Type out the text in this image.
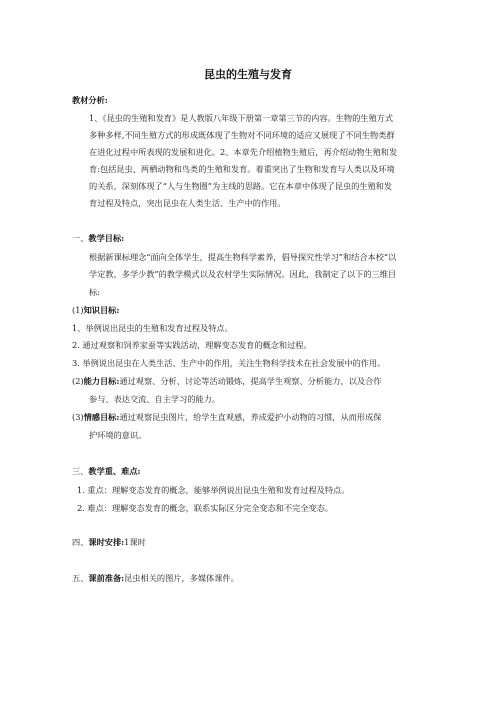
昆虫的生殖与发育
教材分析:
1、《昆虫的生殖和发育》是人教版八年级下册第一章第三节的内容。生物的生殖方式
多种多样,不同生殖方式的形成既体现了生物对不同环境的适应又展现了不同生物类群
在进化过程中所表现的发展和进化。2、本章先介绍植物生殖后，再介绍动物生殖和发
育:包括昆虫、两栖动物和鸟类的生殖和发育。着重突出了生物和发育与人类以及环境
的关系，深刻体现了“人与生物圈”为主线的思路。它在本章中体现了昆虫的生殖和发
育过程及特点，突出昆虫在人类生活、生产中的作用。
一、教学目标:
根据新课标理念“面向全体学生，提高生物科学素养，倡导探究性学习”和结合本校“以
学定教，多学少教”的教学模式以及农村学生实际情况。因此，我制定了以下的三维目
标:
(1)知识目标:
1、举例说出昆虫的生殖和发育过程及特点。
2. 通过观察和饲养家蚕等实践活动，理解变态发育的概念和过程。
3. 举例说出昆虫在人类生活、生产中的作用，关注生物科学技术在社会发展中的作用。
(2)能力目标:通过观察、分析、讨论等活动锻炼，提高学生观察、分析能力，以及合作
参与、表达交流、自主学习的能力。
(3)情感目标:通过观察昆虫图片，给学生直观感，养成爱护小动物的习惯，从而形成保
护环境的意识。
三、教学重、难点:
1. 重点：理解变态发育的概念，能够举例说出昆虫生殖和发育过程及特点。
2. 难点：理解变态发育的概念，联系实际区分完全变态和不完全变态。
四、课时安排:1课时
五、课前准备:昆虫相关的图片，多媒体课件。
